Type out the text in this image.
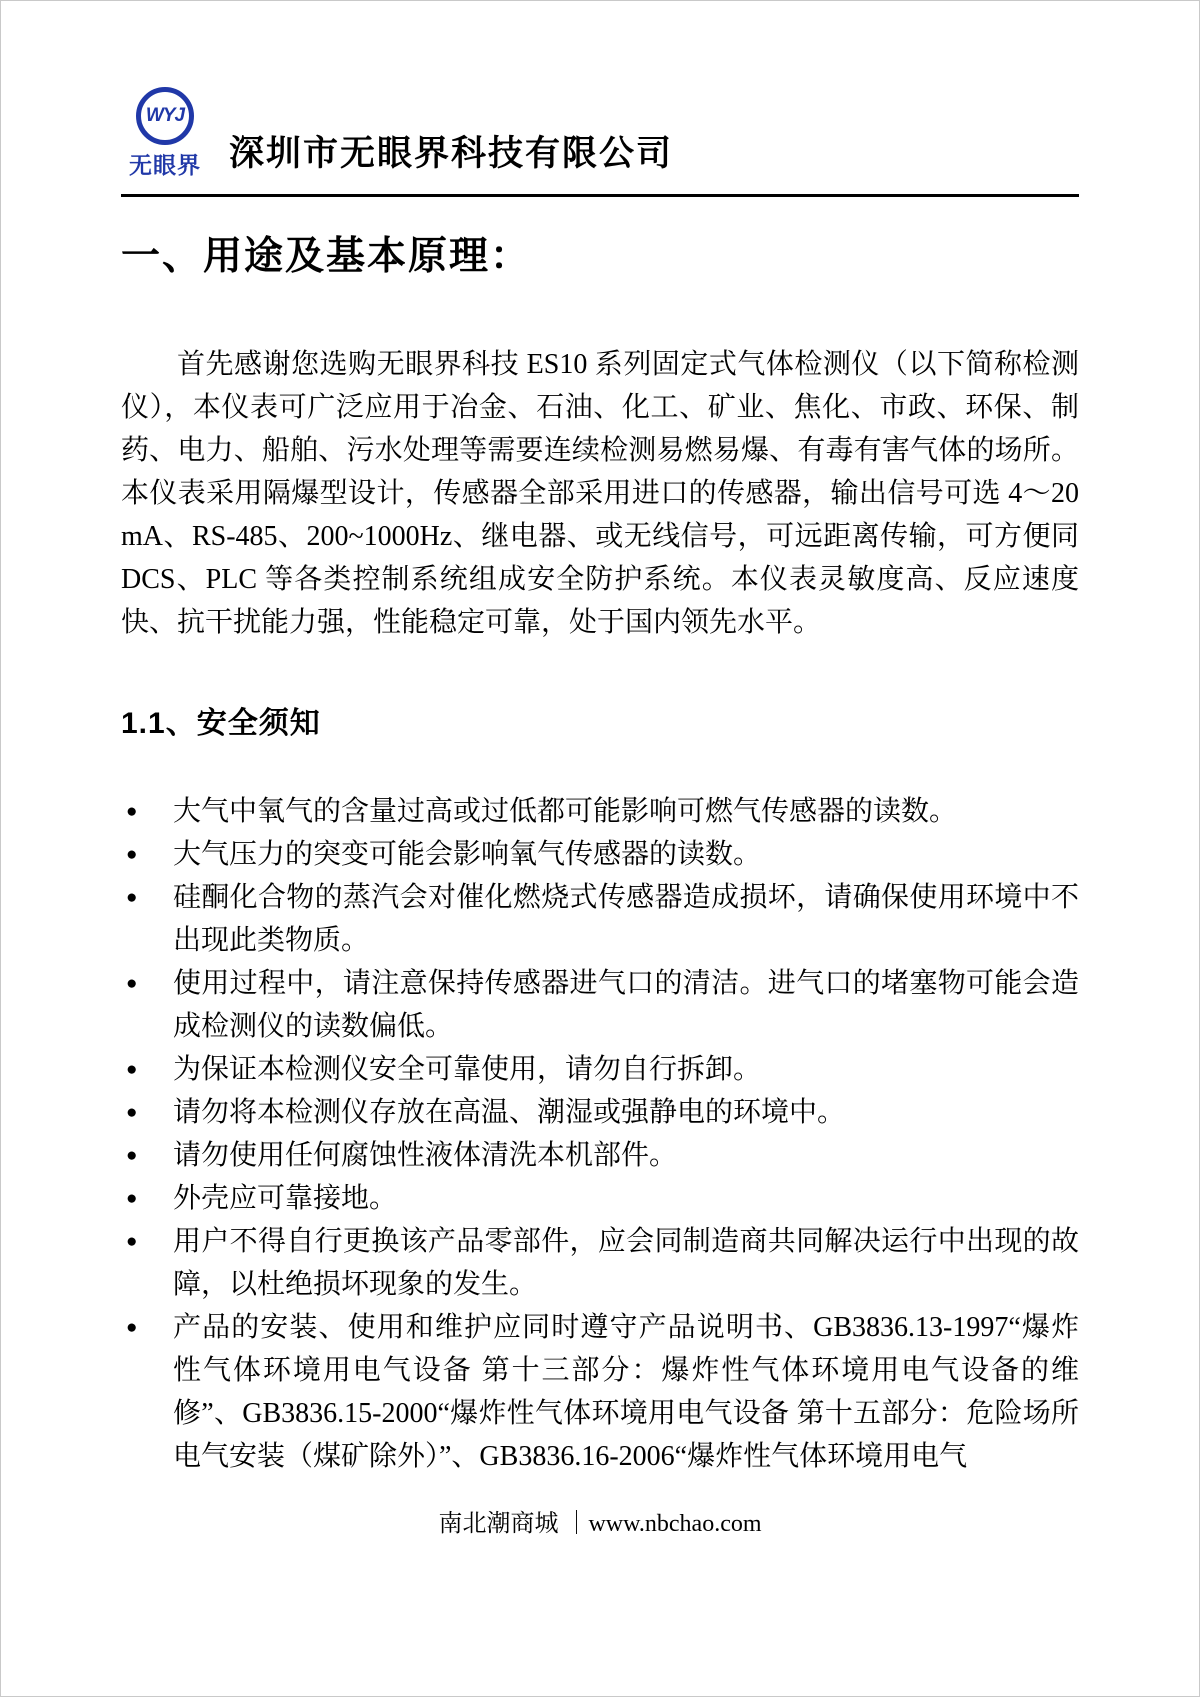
WYJ
无眼界 深圳市无眼界科技有限公司
一、用途及基本原理：

首先感谢您选购无眼界科技 ES10 系列固定式气体检测仪（以下简称检测仪），本仪表可广泛应用于冶金、石油、化工、矿业、焦化、市政、环保、制药、电力、船舶、污水处理等需要连续检测易燃易爆、有毒有害气体的场所。本仪表采用隔爆型设计，传感器全部采用进口的传感器，输出信号可选 4～20 mA、RS-485、200~1000Hz、继电器、或无线信号，可远距离传输，可方便同 DCS、PLC 等各类控制系统组成安全防护系统。本仪表灵敏度高、反应速度快、抗干扰能力强，性能稳定可靠，处于国内领先水平。

1.1、安全须知
●	大气中氧气的含量过高或过低都可能影响可燃气传感器的读数。
●	大气压力的突变可能会影响氧气传感器的读数。
●	硅酮化合物的蒸汽会对催化燃烧式传感器造成损坏，请确保使用环境中不出现此类物质。
●	使用过程中，请注意保持传感器进气口的清洁。进气口的堵塞物可能会造成检测仪的读数偏低。
●	为保证本检测仪安全可靠使用，请勿自行拆卸。
●	请勿将本检测仪存放在高温、潮湿或强静电的环境中。
●	请勿使用任何腐蚀性液体清洗本机部件。
●	外壳应可靠接地。
●	用户不得自行更换该产品零部件，应会同制造商共同解决运行中出现的故障，以杜绝损坏现象的发生。
●	产品的安装、使用和维护应同时遵守产品说明书、GB3836.13-1997“爆炸性气体环境用电气设备 第十三部分：爆炸性气体环境用电气设备的维修”、GB3836.15-2000“爆炸性气体环境用电气设备 第十五部分：危险场所电气安装（煤矿除外）”、GB3836.16-2006“爆炸性气体环境用电气
南北潮商城 ｜www.nbchao.com
